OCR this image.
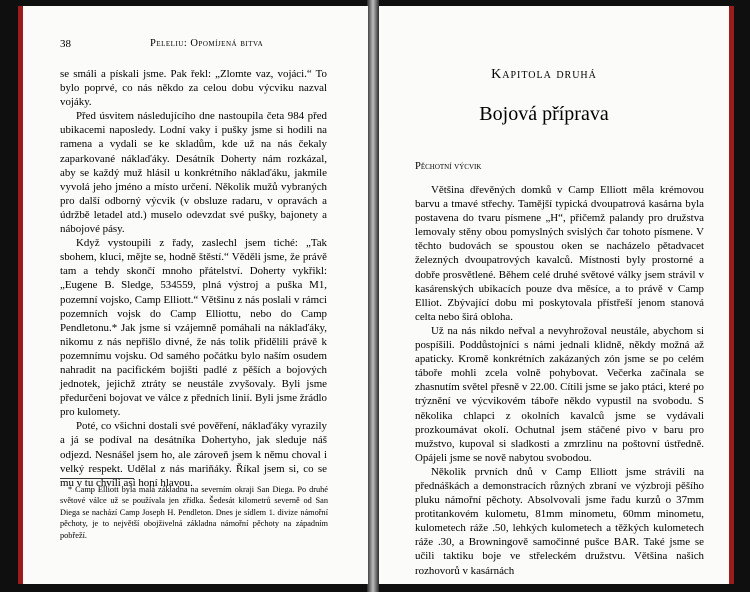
38	Peleliu: Opomíjená bitva

se smáli a pískali jsme. Pak řekl: „Zlomte vaz, vojáci.“ To bylo poprvé, co nás někdo za celou dobu výcviku nazval vojáky.

Před úsvitem následujícího dne nastoupila četa 984 před ubikacemi naposledy. Lodní vaky i pušky jsme si hodili na ramena a vydali se ke skladům, kde už na nás čekaly zaparkované náklaďáky. Desátník Doherty nám rozkázal, aby se každý muž hlásil u konkrétního náklaďáku, jakmile vyvolá jeho jméno a místo určení. Několik mužů vybraných pro další odborný výcvik (v obsluze radaru, v opravách a údržbě letadel atd.) muselo odevzdat své pušky, bajonety a nábojové pásy.

Když vystoupili z řady, zaslechl jsem tiché: „Tak sbohem, kluci, mějte se, hodně štěstí.“ Věděli jsme, že právě tam a tehdy skončí mnoho přátelství. Doherty vykřikl: „Eugene B. Sledge, 534559, plná výstroj a puška M1, pozemní vojsko, Camp Elliott.“ Většinu z nás poslali v rámci pozemních vojsk do Camp Elliottu, nebo do Camp Pendletonu.* Jak jsme si vzájemně pomáhali na náklaďáky, nikomu z nás nepřišlo divné, že nás tolik přidělili právě k pozemnímu vojsku. Od samého počátku bylo naším osudem nahradit na pacifickém bojišti padlé z pěších a bojových jednotek, jejichž ztráty se neustále zvyšovaly. Byli jsme předurčeni bojovat ve válce z předních linií. Byli jsme žrádlo pro kulomety.

Poté, co všichni dostali své pověření, náklaďáky vyrazily a já se podíval na desátníka Dohertyho, jak sleduje náš odjezd. Nesnášel jsem ho, ale zároveň jsem k němu choval i velký respekt. Udělal z nás mariňáky. Říkal jsem si, co se mu v tu chvíli asi honí hlavou.

* Camp Elliott byla malá základna na severním okraji San Diega. Po druhé světové válce už se používala jen zřídka. Šedesát kilometrů severně od San Diega se nachází Camp Joseph H. Pendleton. Dnes je sídlem 1. divize námořní pěchoty, je to největší obojživelná základna námořní pěchoty na západním pobřeží.

Kapitola druhá
Bojová příprava
Pěchotní výcvik

Většina dřevěných domků v Camp Elliott měla krémovou barvu a tmavé střechy. Tamější typická dvoupatrová kasárna byla postavena do tvaru písmene „H“, přičemž palandy pro družstva lemovaly stěny obou pomyslných svislých čar tohoto písmene. V těchto budovách se spoustou oken se nacházelo pětadvacet železných dvoupatrových kavalců. Místnosti byly prostorné a dobře prosvětlené. Během celé druhé světové války jsem strávil v kasárenských ubikacích pouze dva měsíce, a to právě v Camp Elliot. Zbývající dobu mi poskytovala přístřeší jenom stanová celta nebo širá obloha.

Už na nás nikdo neřval a nevyhrožoval neustále, abychom si pospíšili. Poddůstojníci s námi jednali klidně, někdy možná až apaticky. Kromě konkrétních zakázaných zón jsme se po celém táboře mohli zcela volně pohybovat. Večerka začínala se zhasnutím světel přesně v 22.00. Cítili jsme se jako ptáci, které po trýznění ve výcvikovém táboře někdo vypustil na svobodu. S několika chlapci z okolních kavalců jsme se vydávali prozkoumávat okolí. Ochutnal jsem stáčené pivo v baru pro mužstvo, kupoval si sladkosti a zmrzlinu na poštovní ústředně. Opájeli jsme se nově nabytou svobodou.

Několik prvních dnů v Camp Elliott jsme strávili na přednáškách a demonstracích různých zbraní ve výzbroji pěšího pluku námořní pěchoty. Absolvovali jsme řadu kurzů o 37mm protitankovém kulometu, 81mm minometu, 60mm minometu, kulometech ráže .50, lehkých kulometech a těžkých kulometech ráže .30, a Browningově samočinné pušce BAR. Také jsme se učili taktiku boje ve střeleckém družstvu. Většina našich rozhovorů v kasárnách
